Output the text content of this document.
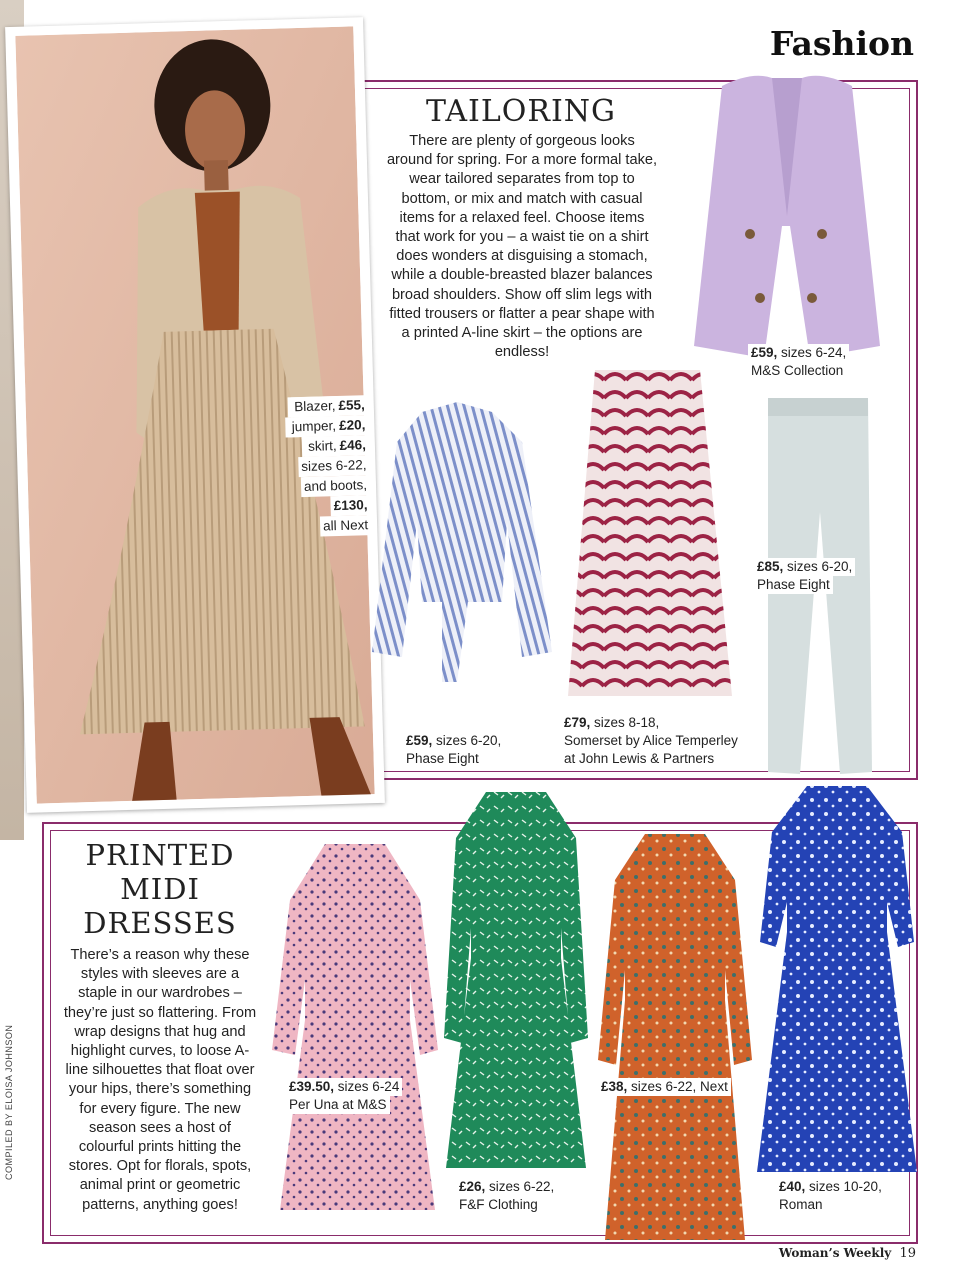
Fashion
Blazer,£55,
jumper,£20,
skirt,£46,
sizes 6-22,
and boots,
£130,
all Next
TAILORING
There are plenty of gorgeous looks around for spring. For a more formal take, wear tailored separates from top to bottom, or mix and match with casual items for a relaxed feel. Choose items that work for you – a waist tie on a shirt does wonders at disguising a stomach, while a double-breasted blazer balances broad shoulders. Show off slim legs with fitted trousers or flatter a pear shape with a printed A-line skirt – the options are endless!	£59, sizes 6-24,
M&S Collection
£85, sizes 6-20,
Phase Eight
£59, sizes 6-20,
Phase Eight
£79, sizes 8-18,
Somerset by Alice Temperley
at John Lewis & Partners
PRINTED
MIDI
DRESSES
There’s a reason why these styles with sleeves are a staple in our wardrobes – they’re just so flattering. From wrap designs that hug and highlight curves, to loose A-line silhouettes that float over your hips, there’s something for every figure. The new season sees a host of colourful prints hitting the stores. Opt for florals, spots, animal print or geometric patterns, anything goes!
COMPILED BY ELOISA JOHNSON	£39.50, sizes 6-24
Per Una at M&S
£26, sizes 6-22,
F&F Clothing
£38, sizes 6-22, Next
£40, sizes 10-20,
Roman
Woman’s Weekly 19
